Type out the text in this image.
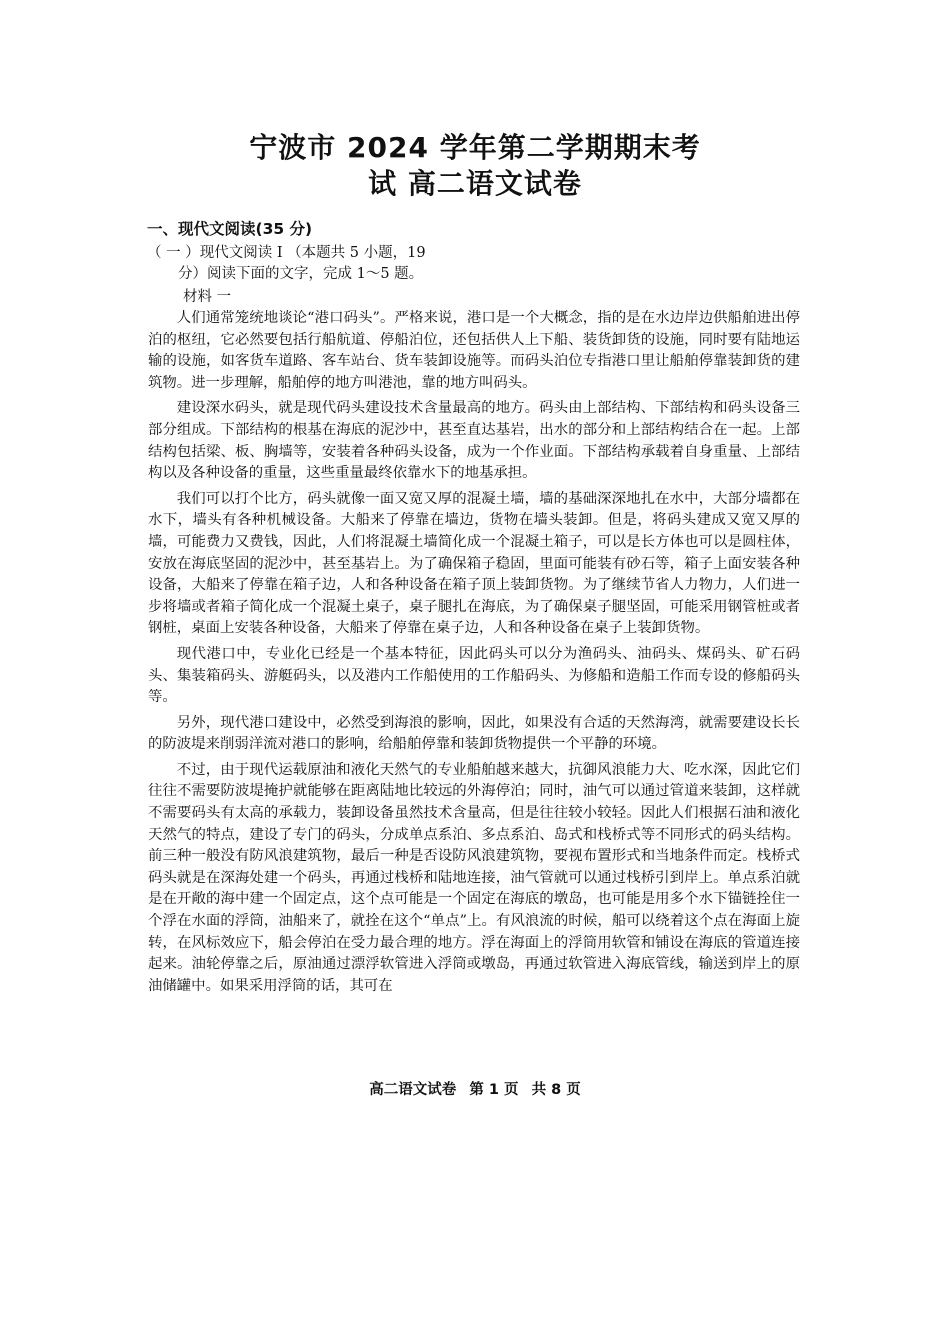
宁波市 2024 学年第二学期期末考
试 高二语文试卷
一、现代文阅读(35 分)
（ 一 ）现代文阅读 I （本题共 5 小题，19
分）阅读下面的文字，完成 1～5 题。
材料 一

人们通常笼统地谈论“港口码头”。严格来说，港口是一个大概念，指的是在水边岸边供船舶进出停泊的枢纽，它必然要包括行船航道、停船泊位，还包括供人上下船、装货卸货的设施，同时要有陆地运输的设施，如客货车道路、客车站台、货车装卸设施等。而码头泊位专指港口里让船舶停靠装卸货的建筑物。进一步理解，船舶停的地方叫港池，靠的地方叫码头。

建设深水码头，就是现代码头建设技术含量最高的地方。码头由上部结构、下部结构和码头设备三部分组成。下部结构的根基在海底的泥沙中，甚至直达基岩，出水的部分和上部结构结合在一起。上部结构包括梁、板、胸墙等，安装着各种码头设备，成为一个作业面。下部结构承载着自身重量、上部结构以及各种设备的重量，这些重量最终依靠水下的地基承担。

我们可以打个比方，码头就像一面又宽又厚的混凝土墙，墙的基础深深地扎在水中，大部分墙都在水下，墙头有各种机械设备。大船来了停靠在墙边，货物在墙头装卸。但是，将码头建成又宽又厚的墙，可能费力又费钱，因此，人们将混凝土墙简化成一个混凝土箱子，可以是长方体也可以是圆柱体，安放在海底坚固的泥沙中，甚至基岩上。为了确保箱子稳固，里面可能装有砂石等，箱子上面安装各种设备，大船来了停靠在箱子边，人和各种设备在箱子顶上装卸货物。为了继续节省人力物力，人们进一步将墙或者箱子简化成一个混凝土桌子，桌子腿扎在海底，为了确保桌子腿坚固，可能采用钢管桩或者钢桩，桌面上安装各种设备，大船来了停靠在桌子边，人和各种设备在桌子上装卸货物。

现代港口中，专业化已经是一个基本特征，因此码头可以分为渔码头、油码头、煤码头、矿石码头、集装箱码头、游艇码头，以及港内工作船使用的工作船码头、为修船和造船工作而专设的修船码头等。

另外，现代港口建设中，必然受到海浪的影响，因此，如果没有合适的天然海湾，就需要建设长长的防波堤来削弱洋流对港口的影响，给船舶停靠和装卸货物提供一个平静的环境。

不过，由于现代运载原油和液化天然气的专业船舶越来越大，抗御风浪能力大、吃水深，因此它们往往不需要防波堤掩护就能够在距离陆地比较远的外海停泊；同时，油气可以通过管道来装卸，这样就不需要码头有太高的承载力，装卸设备虽然技术含量高，但是往往较小较轻。因此人们根据石油和液化天然气的特点，建设了专门的码头，分成单点系泊、多点系泊、岛式和栈桥式等不同形式的码头结构。前三种一般没有防风浪建筑物，最后一种是否设防风浪建筑物，要视布置形式和当地条件而定。栈桥式码头就是在深海处建一个码头，再通过栈桥和陆地连接，油气管就可以通过栈桥引到岸上。单点系泊就是在开敞的海中建一个固定点，这个点可能是一个固定在海底的墩岛，也可能是用多个水下锚链拴住一个浮在水面的浮筒，油船来了，就拴在这个“单点”上。有风浪流的时候，船可以绕着这个点在海面上旋转，在风标效应下，船会停泊在受力最合理的地方。浮在海面上的浮筒用软管和铺设在海底的管道连接起来。油轮停靠之后，原油通过漂浮软管进入浮筒或墩岛，再通过软管进入海底管线，输送到岸上的原油储罐中。如果采用浮筒的话，其可在

高二语文试卷 第 1 页 共 8 页
